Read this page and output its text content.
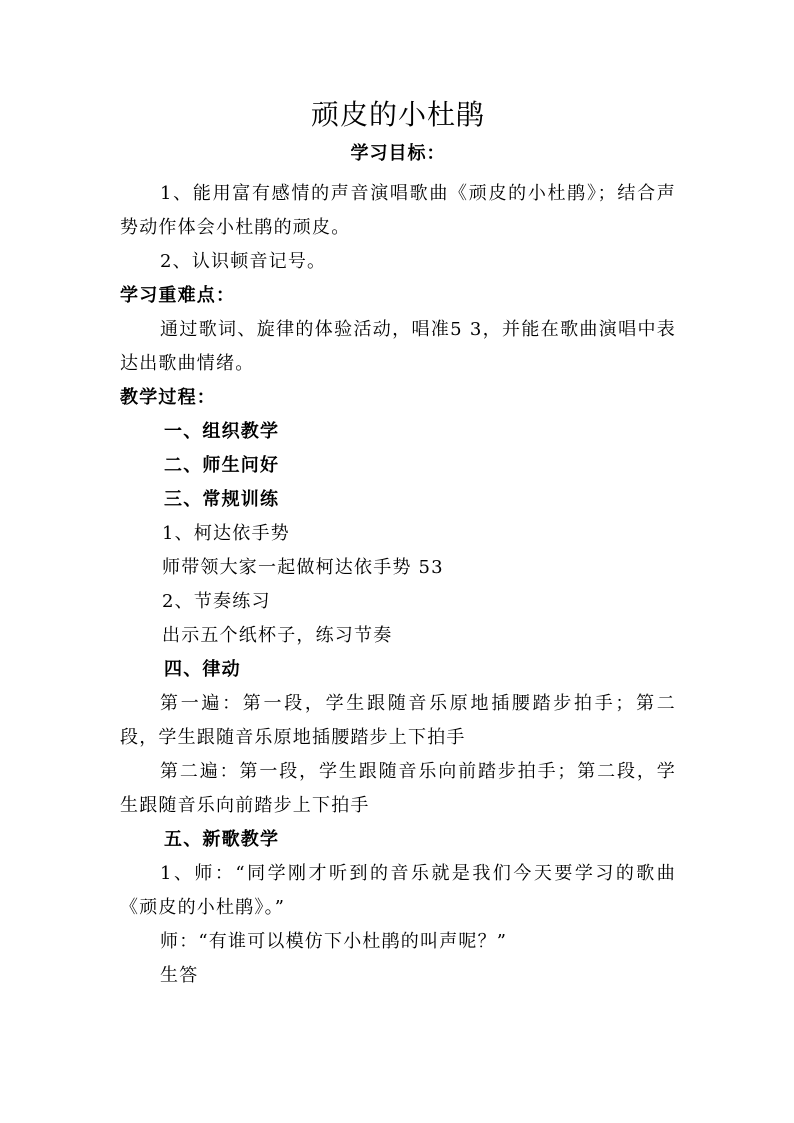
顽皮的小杜鹃
学习目标：

1、能用富有感情的声音演唱歌曲《顽皮的小杜鹃》；结合声势动作体会小杜鹃的顽皮。

2、认识顿音记号。

学习重难点：

通过歌词、旋律的体验活动，唱准5 3，并能在歌曲演唱中表达出歌曲情绪。

教学过程：

一、组织教学

二、师生问好

三、常规训练

1、柯达依手势

师带领大家一起做柯达依手势 53

2、节奏练习

出示五个纸杯子，练习节奏

四、律动

第一遍：第一段，学生跟随音乐原地插腰踏步拍手；第二段，学生跟随音乐原地插腰踏步上下拍手

第二遍：第一段，学生跟随音乐向前踏步拍手；第二段，学生跟随音乐向前踏步上下拍手

五、新歌教学

1、师：“同学刚才听到的音乐就是我们今天要学习的歌曲《顽皮的小杜鹃》。”

师：“有谁可以模仿下小杜鹃的叫声呢？”

生答
